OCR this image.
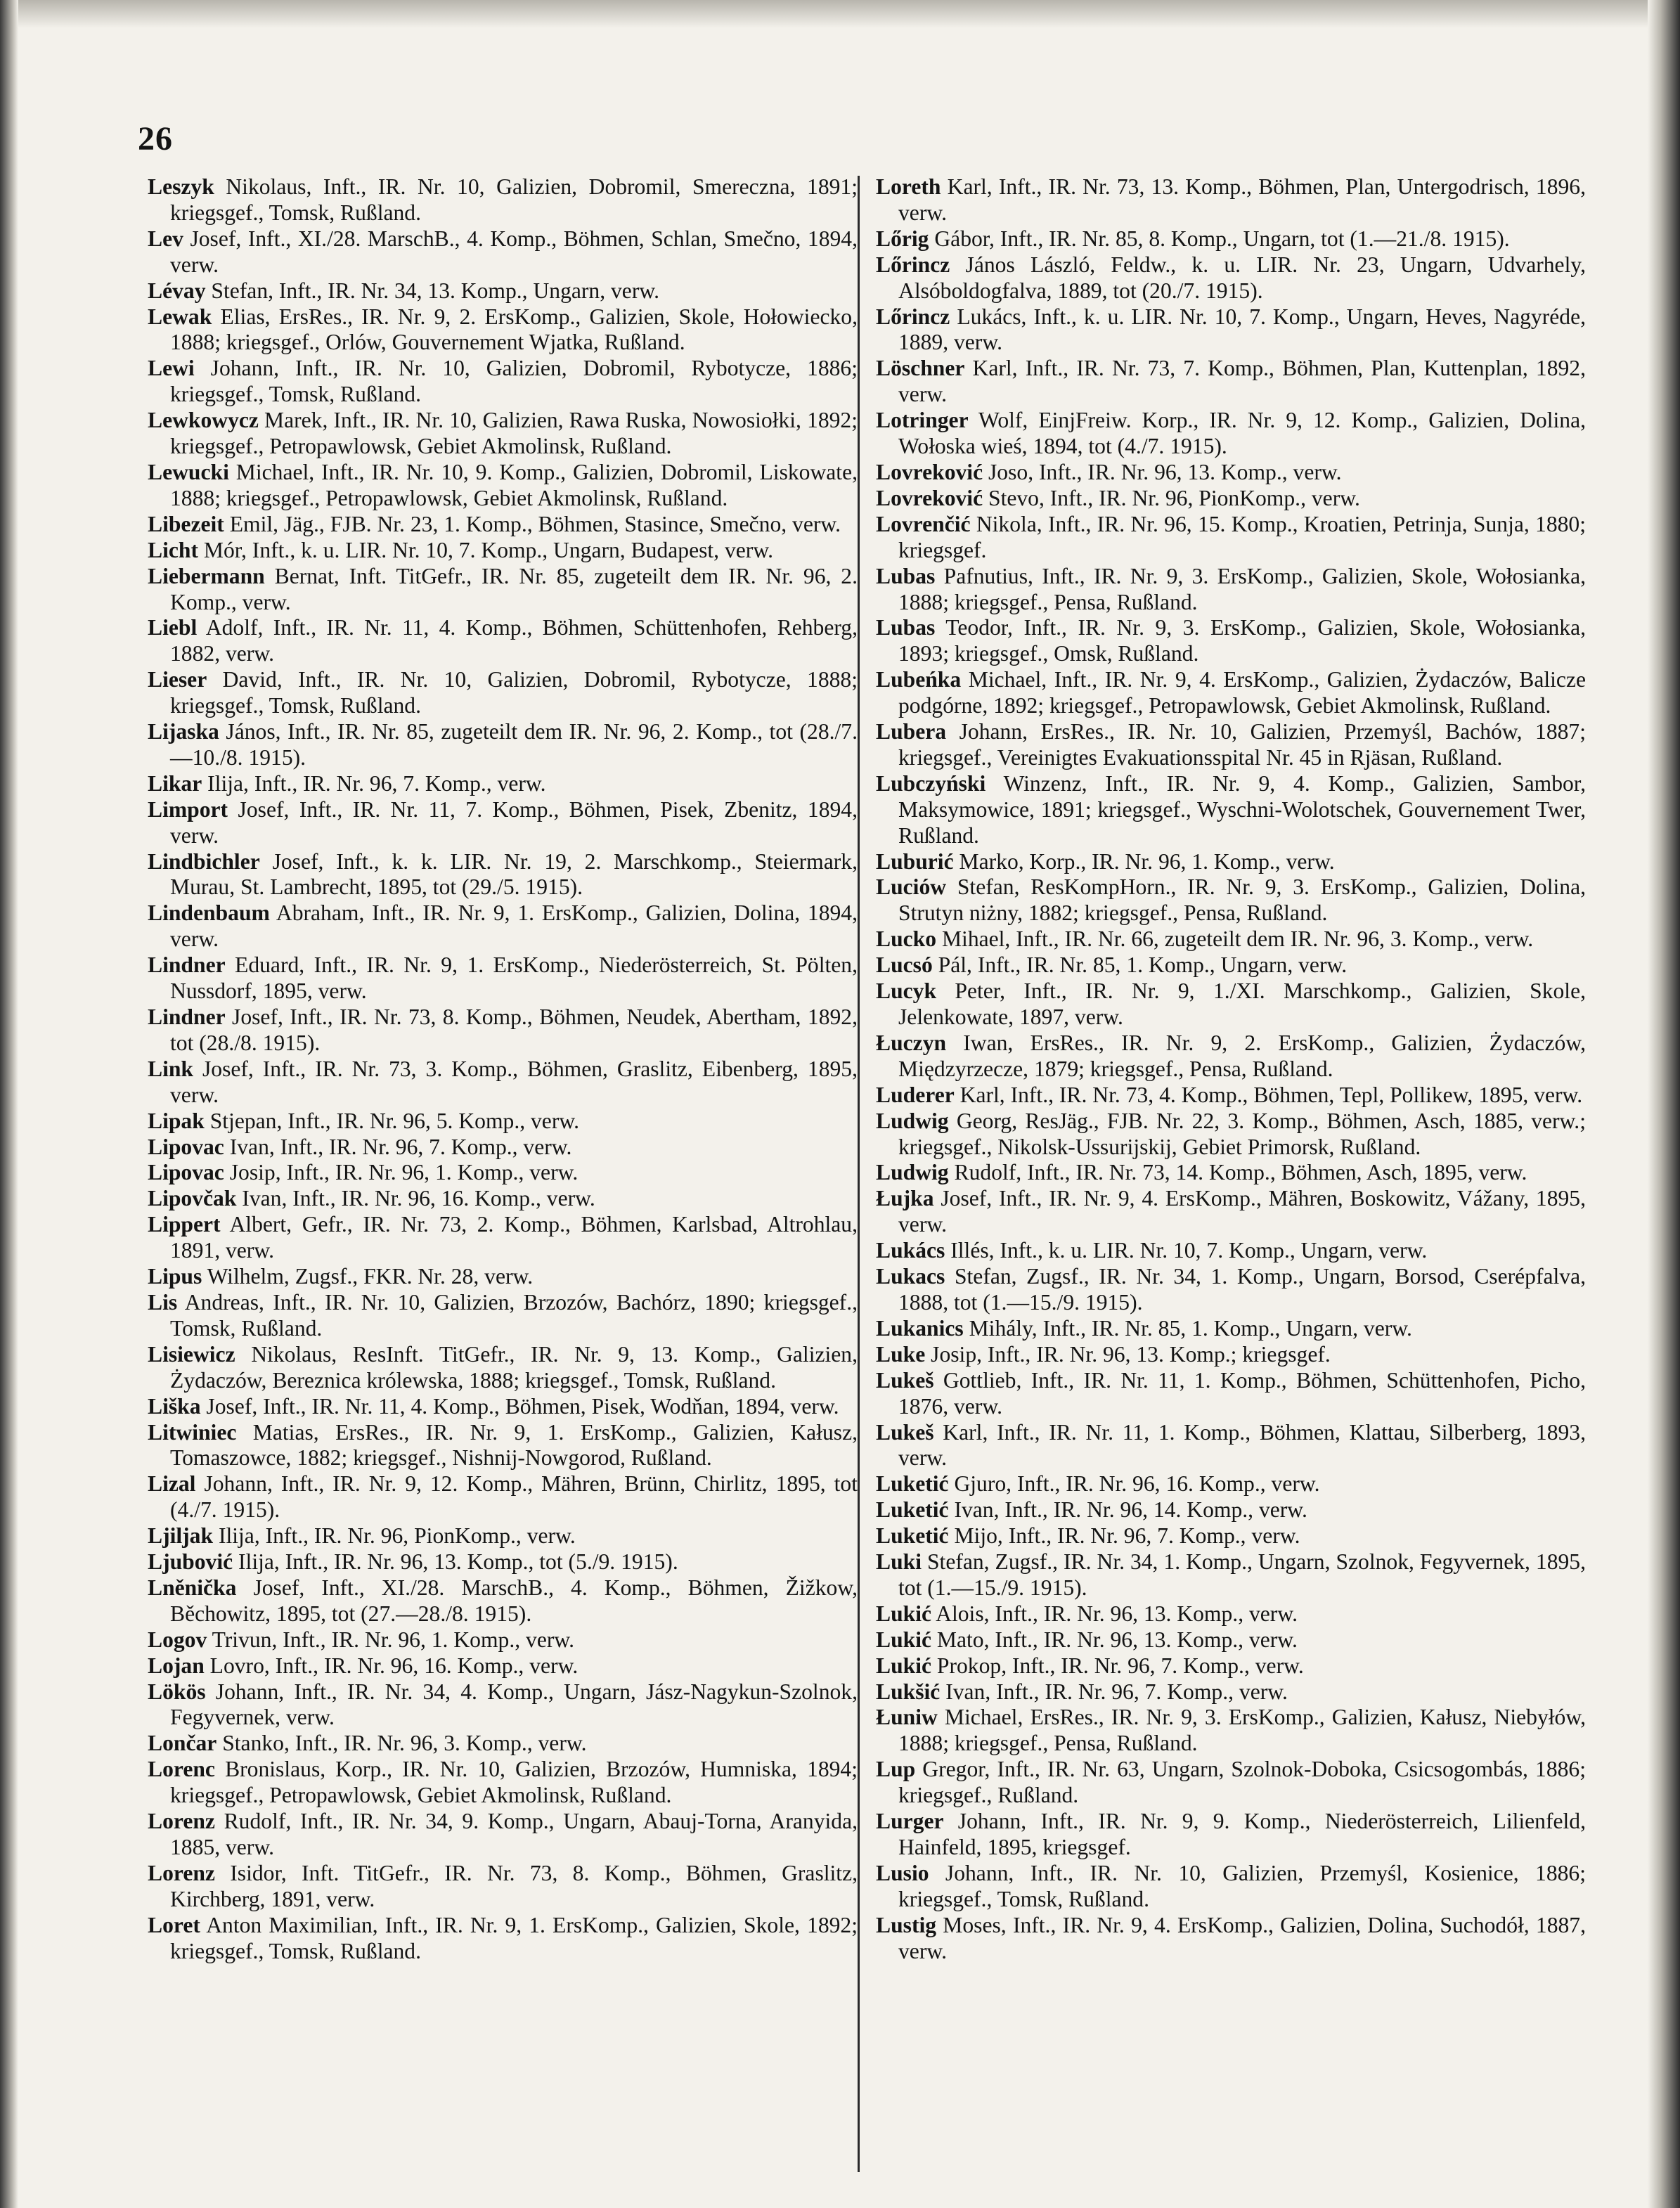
26

Leszyk Nikolaus, Inft., IR. Nr. 10, Galizien, Dobromil, Smereczna, 1891; kriegsgef., Tomsk, Rußland.

Lev Josef, Inft., XI./28. MarschB., 4. Komp., Böhmen, Schlan, Smečno, 1894, verw.

Lévay Stefan, Inft., IR. Nr. 34, 13. Komp., Ungarn, verw.

Lewak Elias, ErsRes., IR. Nr. 9, 2. ErsKomp., Galizien, Skole, Hołowiecko, 1888; kriegsgef., Orlów, Gouvernement Wjatka, Rußland.

Lewi Johann, Inft., IR. Nr. 10, Galizien, Dobromil, Rybotycze, 1886; kriegsgef., Tomsk, Rußland.

Lewkowycz Marek, Inft., IR. Nr. 10, Galizien, Rawa Ruska, Nowosiołki, 1892; kriegsgef., Petropawlowsk, Gebiet Akmolinsk, Rußland.

Lewucki Michael, Inft., IR. Nr. 10, 9. Komp., Galizien, Dobromil, Liskowate, 1888; kriegsgef., Petropawlowsk, Gebiet Akmolinsk, Rußland.

Libezeit Emil, Jäg., FJB. Nr. 23, 1. Komp., Böhmen, Stasince, Smečno, verw.

Licht Mór, Inft., k. u. LIR. Nr. 10, 7. Komp., Ungarn, Budapest, verw.

Liebermann Bernat, Inft. TitGefr., IR. Nr. 85, zugeteilt dem IR. Nr. 96, 2. Komp., verw.

Liebl Adolf, Inft., IR. Nr. 11, 4. Komp., Böhmen, Schüttenhofen, Rehberg, 1882, verw.

Lieser David, Inft., IR. Nr. 10, Galizien, Dobromil, Rybotycze, 1888; kriegsgef., Tomsk, Rußland.

Lijaska János, Inft., IR. Nr. 85, zugeteilt dem IR. Nr. 96, 2. Komp., tot (28./7.—10./8. 1915).

Likar Ilija, Inft., IR. Nr. 96, 7. Komp., verw.

Limport Josef, Inft., IR. Nr. 11, 7. Komp., Böhmen, Pisek, Zbenitz, 1894, verw.

Lindbichler Josef, Inft., k. k. LIR. Nr. 19, 2. Marschkomp., Steiermark, Murau, St. Lambrecht, 1895, tot (29./5. 1915).

Lindenbaum Abraham, Inft., IR. Nr. 9, 1. ErsKomp., Galizien, Dolina, 1894, verw.

Lindner Eduard, Inft., IR. Nr. 9, 1. ErsKomp., Niederösterreich, St. Pölten, Nussdorf, 1895, verw.

Lindner Josef, Inft., IR. Nr. 73, 8. Komp., Böhmen, Neudek, Abertham, 1892, tot (28./8. 1915).

Link Josef, Inft., IR. Nr. 73, 3. Komp., Böhmen, Graslitz, Eibenberg, 1895, verw.

Lipak Stjepan, Inft., IR. Nr. 96, 5. Komp., verw.

Lipovac Ivan, Inft., IR. Nr. 96, 7. Komp., verw.

Lipovac Josip, Inft., IR. Nr. 96, 1. Komp., verw.

Lipovčak Ivan, Inft., IR. Nr. 96, 16. Komp., verw.

Lippert Albert, Gefr., IR. Nr. 73, 2. Komp., Böhmen, Karlsbad, Altrohlau, 1891, verw.

Lipus Wilhelm, Zugsf., FKR. Nr. 28, verw.

Lis Andreas, Inft., IR. Nr. 10, Galizien, Brzozów, Bachórz, 1890; kriegsgef., Tomsk, Rußland.

Lisiewicz Nikolaus, ResInft. TitGefr., IR. Nr. 9, 13. Komp., Galizien, Żydaczów, Bereznica królewska, 1888; kriegsgef., Tomsk, Rußland.

Liška Josef, Inft., IR. Nr. 11, 4. Komp., Böhmen, Pisek, Wodňan, 1894, verw.

Litwiniec Matias, ErsRes., IR. Nr. 9, 1. ErsKomp., Galizien, Kałusz, Tomaszowce, 1882; kriegsgef., Nishnij-Nowgorod, Rußland.

Lizal Johann, Inft., IR. Nr. 9, 12. Komp., Mähren, Brünn, Chirlitz, 1895, tot (4./7. 1915).

Ljiljak Ilija, Inft., IR. Nr. 96, PionKomp., verw.

Ljubović Ilija, Inft., IR. Nr. 96, 13. Komp., tot (5./9. 1915).

Lněnička Josef, Inft., XI./28. MarschB., 4. Komp., Böhmen, Žižkow, Běchowitz, 1895, tot (27.—28./8. 1915).

Logov Trivun, Inft., IR. Nr. 96, 1. Komp., verw.

Lojan Lovro, Inft., IR. Nr. 96, 16. Komp., verw.

Lökös Johann, Inft., IR. Nr. 34, 4. Komp., Ungarn, Jász-Nagykun-Szolnok, Fegyvernek, verw.

Lončar Stanko, Inft., IR. Nr. 96, 3. Komp., verw.

Lorenc Bronislaus, Korp., IR. Nr. 10, Galizien, Brzozów, Humniska, 1894; kriegsgef., Petropawlowsk, Gebiet Akmolinsk, Rußland.

Lorenz Rudolf, Inft., IR. Nr. 34, 9. Komp., Ungarn, Abauj-Torna, Aranyida, 1885, verw.

Lorenz Isidor, Inft. TitGefr., IR. Nr. 73, 8. Komp., Böhmen, Graslitz, Kirchberg, 1891, verw.

Loret Anton Maximilian, Inft., IR. Nr. 9, 1. ErsKomp., Galizien, Skole, 1892; kriegsgef., Tomsk, Rußland.

Loreth Karl, Inft., IR. Nr. 73, 13. Komp., Böhmen, Plan, Untergodrisch, 1896, verw.

Lőrig Gábor, Inft., IR. Nr. 85, 8. Komp., Ungarn, tot (1.—21./8. 1915).

Lőrincz János László, Feldw., k. u. LIR. Nr. 23, Ungarn, Udvarhely, Alsóboldogfalva, 1889, tot (20./7. 1915).

Lőrincz Lukács, Inft., k. u. LIR. Nr. 10, 7. Komp., Ungarn, Heves, Nagyréde, 1889, verw.

Löschner Karl, Inft., IR. Nr. 73, 7. Komp., Böhmen, Plan, Kuttenplan, 1892, verw.

Lotringer Wolf, EinjFreiw. Korp., IR. Nr. 9, 12. Komp., Galizien, Dolina, Wołoska wieś, 1894, tot (4./7. 1915).

Lovreković Joso, Inft., IR. Nr. 96, 13. Komp., verw.

Lovreković Stevo, Inft., IR. Nr. 96, PionKomp., verw.

Lovrenčić Nikola, Inft., IR. Nr. 96, 15. Komp., Kroatien, Petrinja, Sunja, 1880; kriegsgef.

Lubas Pafnutius, Inft., IR. Nr. 9, 3. ErsKomp., Galizien, Skole, Wołosianka, 1888; kriegsgef., Pensa, Rußland.

Lubas Teodor, Inft., IR. Nr. 9, 3. ErsKomp., Galizien, Skole, Wołosianka, 1893; kriegsgef., Omsk, Rußland.

Lubeńka Michael, Inft., IR. Nr. 9, 4. ErsKomp., Galizien, Żydaczów, Balicze podgórne, 1892; kriegsgef., Petropawlowsk, Gebiet Akmolinsk, Rußland.

Lubera Johann, ErsRes., IR. Nr. 10, Galizien, Przemyśl, Bachów, 1887; kriegsgef., Vereinigtes Evakuationsspital Nr. 45 in Rjäsan, Rußland.

Lubczyński Winzenz, Inft., IR. Nr. 9, 4. Komp., Galizien, Sambor, Maksymowice, 1891; kriegsgef., Wyschni-Wolotschek, Gouvernement Twer, Rußland.

Luburić Marko, Korp., IR. Nr. 96, 1. Komp., verw.

Luciów Stefan, ResKompHorn., IR. Nr. 9, 3. ErsKomp., Galizien, Dolina, Strutyn niżny, 1882; kriegsgef., Pensa, Rußland.

Lucko Mihael, Inft., IR. Nr. 66, zugeteilt dem IR. Nr. 96, 3. Komp., verw.

Lucsó Pál, Inft., IR. Nr. 85, 1. Komp., Ungarn, verw.

Lucyk Peter, Inft., IR. Nr. 9, 1./XI. Marschkomp., Galizien, Skole, Jelenkowate, 1897, verw.

Łuczyn Iwan, ErsRes., IR. Nr. 9, 2. ErsKomp., Galizien, Żydaczów, Międzyrzecze, 1879; kriegsgef., Pensa, Rußland.

Luderer Karl, Inft., IR. Nr. 73, 4. Komp., Böhmen, Tepl, Pollikew, 1895, verw.

Ludwig Georg, ResJäg., FJB. Nr. 22, 3. Komp., Böhmen, Asch, 1885, verw.; kriegsgef., Nikolsk-Ussurijskij, Gebiet Primorsk, Rußland.

Ludwig Rudolf, Inft., IR. Nr. 73, 14. Komp., Böhmen, Asch, 1895, verw.

Łujka Josef, Inft., IR. Nr. 9, 4. ErsKomp., Mähren, Boskowitz, Vážany, 1895, verw.

Lukács Illés, Inft., k. u. LIR. Nr. 10, 7. Komp., Ungarn, verw.

Lukacs Stefan, Zugsf., IR. Nr. 34, 1. Komp., Ungarn, Borsod, Cserépfalva, 1888, tot (1.—15./9. 1915).

Lukanics Mihály, Inft., IR. Nr. 85, 1. Komp., Ungarn, verw.

Luke Josip, Inft., IR. Nr. 96, 13. Komp.; kriegsgef.

Lukeš Gottlieb, Inft., IR. Nr. 11, 1. Komp., Böhmen, Schüttenhofen, Picho, 1876, verw.

Lukeš Karl, Inft., IR. Nr. 11, 1. Komp., Böhmen, Klattau, Silberberg, 1893, verw.

Luketić Gjuro, Inft., IR. Nr. 96, 16. Komp., verw.

Luketić Ivan, Inft., IR. Nr. 96, 14. Komp., verw.

Luketić Mijo, Inft., IR. Nr. 96, 7. Komp., verw.

Luki Stefan, Zugsf., IR. Nr. 34, 1. Komp., Ungarn, Szolnok, Fegyvernek, 1895, tot (1.—15./9. 1915).

Lukić Alois, Inft., IR. Nr. 96, 13. Komp., verw.

Lukić Mato, Inft., IR. Nr. 96, 13. Komp., verw.

Lukić Prokop, Inft., IR. Nr. 96, 7. Komp., verw.

Lukšić Ivan, Inft., IR. Nr. 96, 7. Komp., verw.

Łuniw Michael, ErsRes., IR. Nr. 9, 3. ErsKomp., Galizien, Kałusz, Niebyłów, 1888; kriegsgef., Pensa, Rußland.

Lup Gregor, Inft., IR. Nr. 63, Ungarn, Szolnok-Doboka, Csicsogombás, 1886; kriegsgef., Rußland.

Lurger Johann, Inft., IR. Nr. 9, 9. Komp., Niederösterreich, Lilienfeld, Hainfeld, 1895, kriegsgef.

Lusio Johann, Inft., IR. Nr. 10, Galizien, Przemyśl, Kosienice, 1886; kriegsgef., Tomsk, Rußland.

Lustig Moses, Inft., IR. Nr. 9, 4. ErsKomp., Galizien, Dolina, Suchodół, 1887, verw.
